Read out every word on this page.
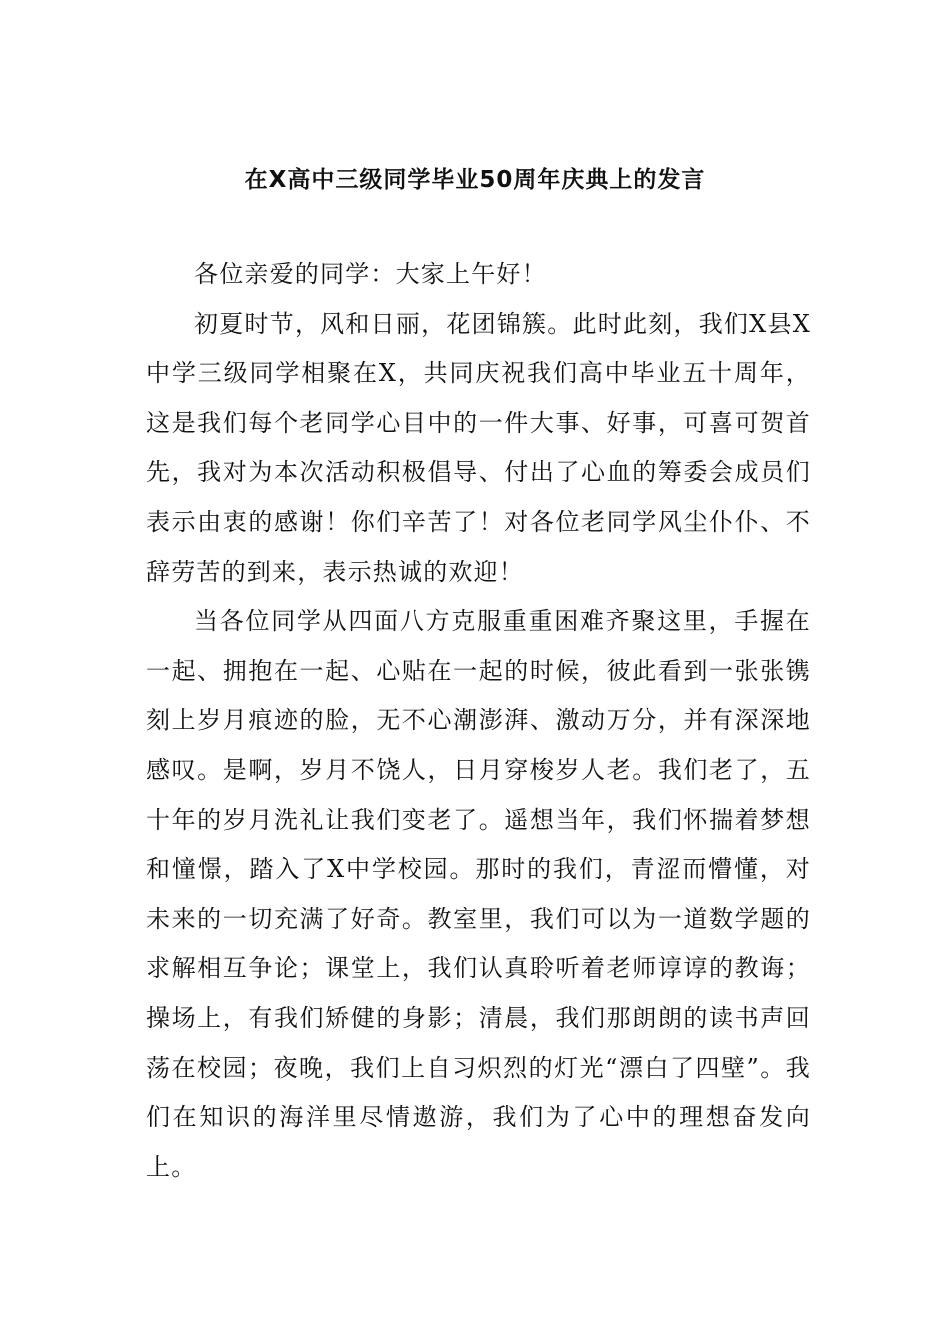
在X高中三级同学毕业50周年庆典上的发言

各位亲爱的同学：大家上午好！

初夏时节，风和日丽，花团锦簇。此时此刻，我们X县X中学三级同学相聚在X，共同庆祝我们高中毕业五十周年，这是我们每个老同学心目中的一件大事、好事，可喜可贺首先，我对为本次活动积极倡导、付出了心血的筹委会成员们表示由衷的感谢！你们辛苦了！对各位老同学风尘仆仆、不辞劳苦的到来，表示热诚的欢迎！

当各位同学从四面八方克服重重困难齐聚这里，手握在一起、拥抱在一起、心贴在一起的时候，彼此看到一张张镌刻上岁月痕迹的脸，无不心潮澎湃、激动万分，并有深深地感叹。是啊，岁月不饶人，日月穿梭岁人老。我们老了，五十年的岁月洗礼让我们变老了。遥想当年，我们怀揣着梦想和憧憬，踏入了X中学校园。那时的我们，青涩而懵懂，对未来的一切充满了好奇。教室里，我们可以为一道数学题的求解相互争论；课堂上，我们认真聆听着老师谆谆的教诲；操场上，有我们矫健的身影；清晨，我们那朗朗的读书声回荡在校园；夜晚，我们上自习炽烈的灯光“漂白了四壁”。我们在知识的海洋里尽情遨游，我们为了心中的理想奋发向上。
